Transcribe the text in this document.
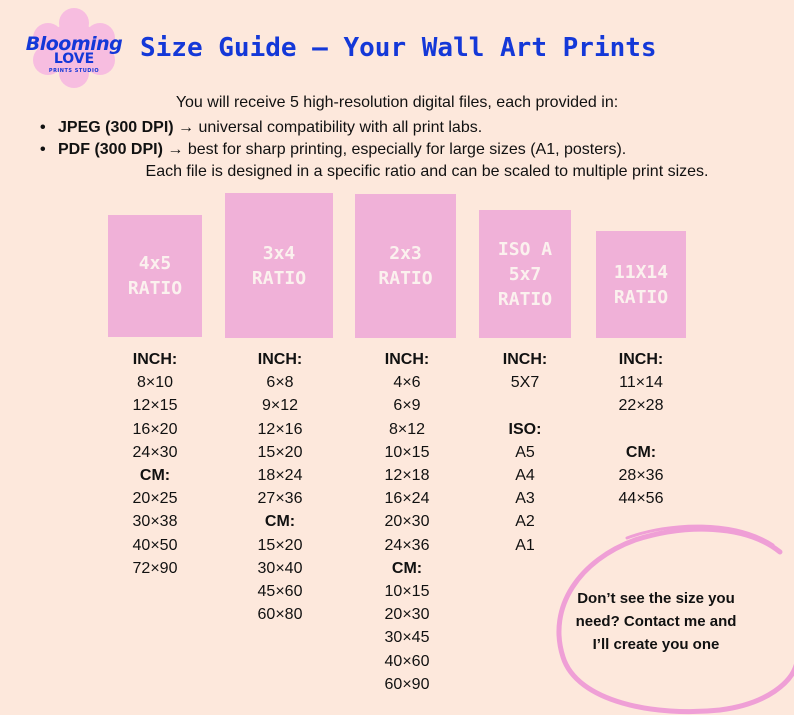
Blooming
LOVE
PRINTS STUDIO
Size Guide – Your Wall Art Prints
You will receive 5 high-resolution digital files, each provided in:
• JPEG (300 DPI) → universal compatibility with all print labs.
• PDF (300 DPI) → best for sharp printing, especially for large sizes (A1, posters).
Each file is designed in a specific ratio and can be scaled to multiple print sizes.
4x5
RATIO
3x4
RATIO
2x3
RATIO
ISO A
5x7
RATIO
11X14
RATIO
INCH:
8×10
12×15
16×20
24×30
CM:
20×25
30×38
40×50
72×90
INCH:
6×8
9×12
12×16
15×20
18×24
27×36
CM:
15×20
30×40
45×60
60×80
INCH:
4×6
6×9
8×12
10×15
12×18
16×24
20×30
24×36
CM:
10×15
20×30
30×45
40×60
60×90
INCH:
5X7
ISO:
A5
A4
A3
A2
A1
INCH:
11×14
22×28
CM:
28×36
44×56
Don’t see the size you need? Contact me and I’ll create you one
